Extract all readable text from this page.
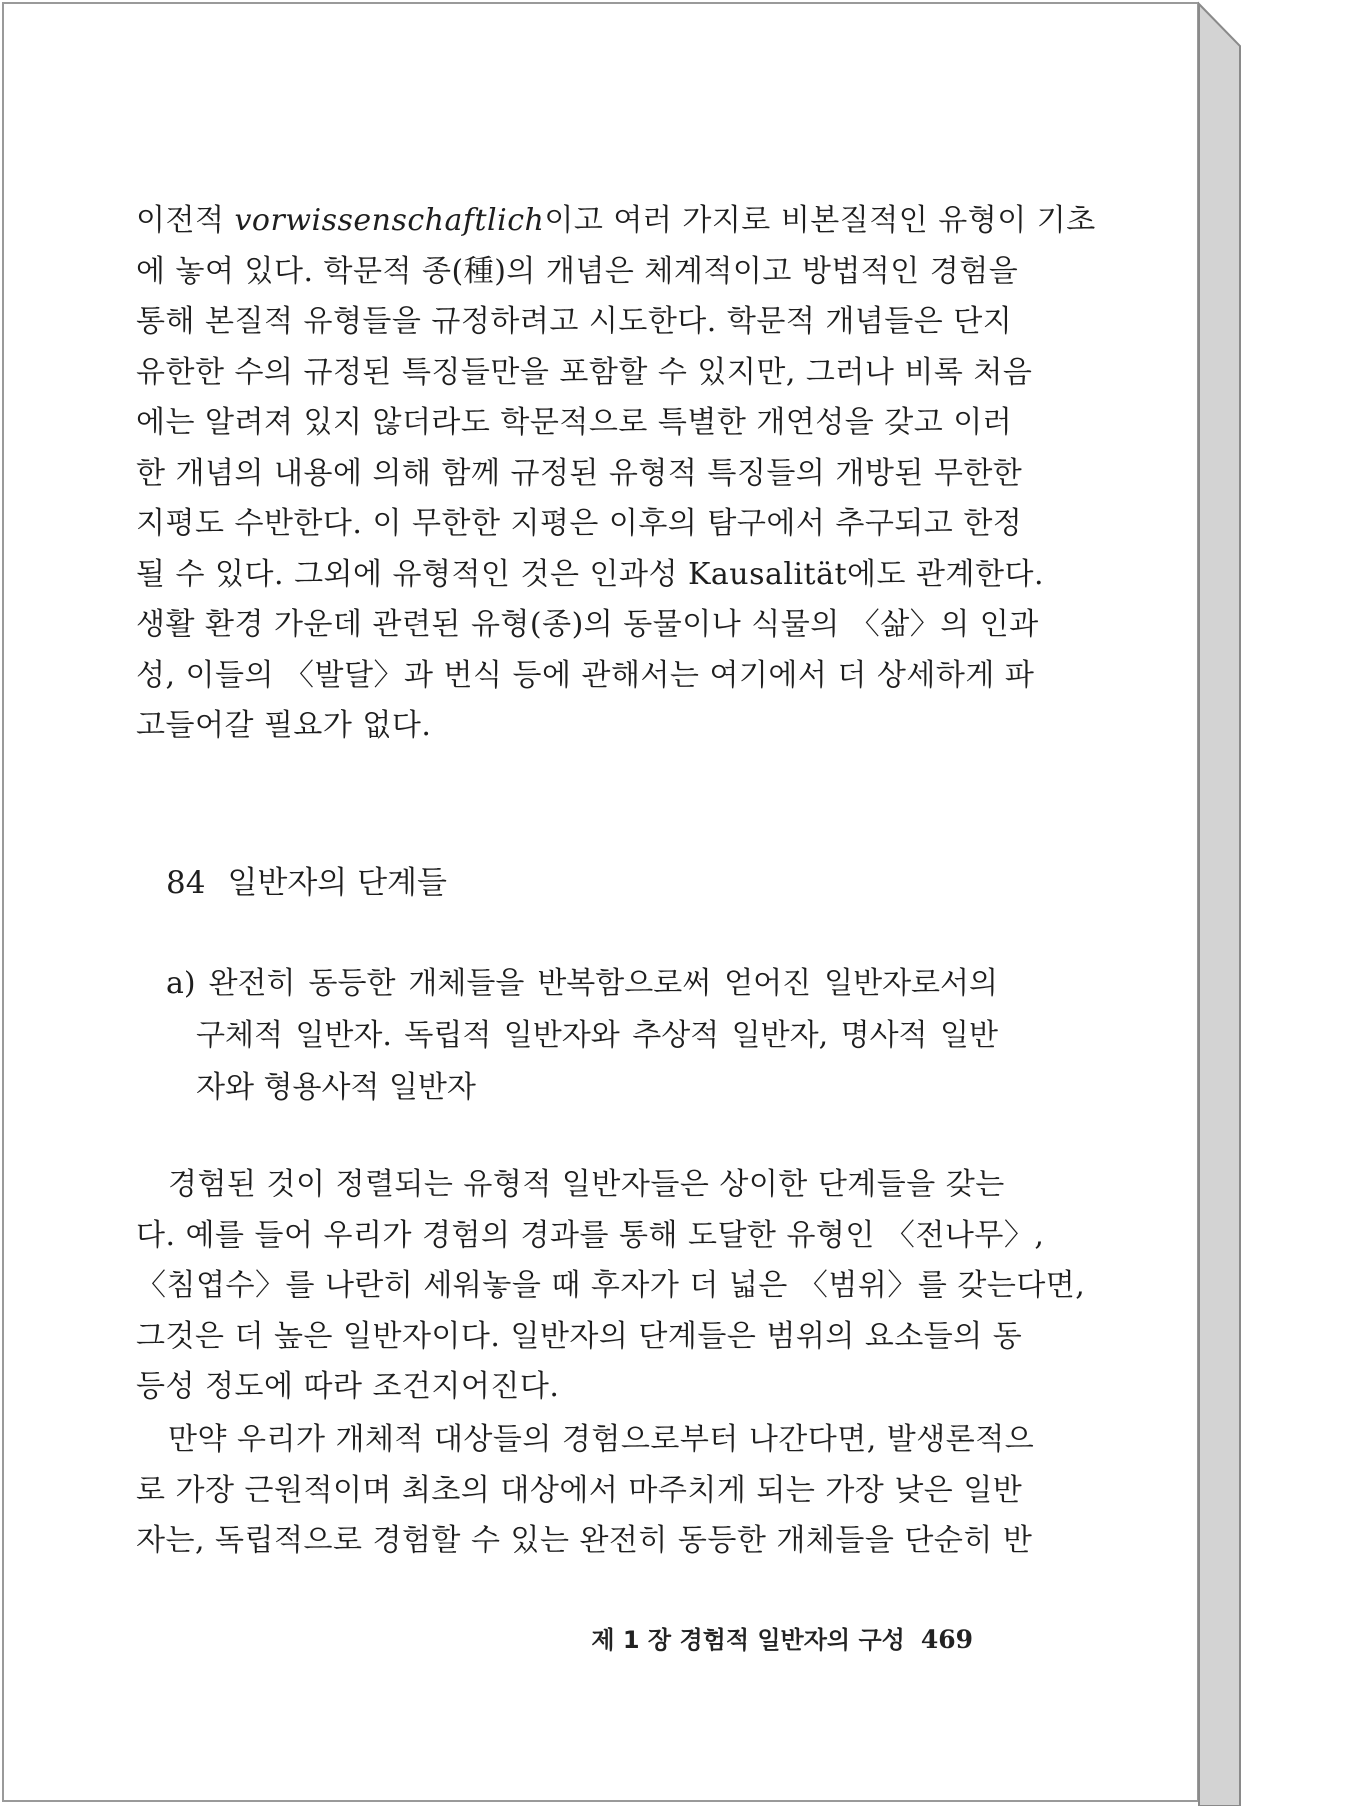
이전적 vorwissenschaftlich이고 여러 가지로 비본질적인 유형이 기초
에 놓여 있다. 학문적 종(種)의 개념은 체계적이고 방법적인 경험을
통해 본질적 유형들을 규정하려고 시도한다. 학문적 개념들은 단지
유한한 수의 규정된 특징들만을 포함할 수 있지만, 그러나 비록 처음
에는 알려져 있지 않더라도 학문적으로 특별한 개연성을 갖고 이러
한 개념의 내용에 의해 함께 규정된 유형적 특징들의 개방된 무한한
지평도 수반한다. 이 무한한 지평은 이후의 탐구에서 추구되고 한정
될 수 있다. 그외에 유형적인 것은 인과성 Kausalität에도 관계한다.
생활 환경 가운데 관련된 유형(종)의 동물이나 식물의 〈삶〉의 인과
성, 이들의 〈발달〉과 번식 등에 관해서는 여기에서 더 상세하게 파
고들어갈 필요가 없다.
84 일반자의 단계들
a) 완전히 동등한 개체들을 반복함으로써 얻어진 일반자로서의
구체적 일반자. 독립적 일반자와 추상적 일반자, 명사적 일반
자와 형용사적 일반자
경험된 것이 정렬되는 유형적 일반자들은 상이한 단계들을 갖는
다. 예를 들어 우리가 경험의 경과를 통해 도달한 유형인 〈전나무〉,
〈침엽수〉를 나란히 세워놓을 때 후자가 더 넓은 〈범위〉를 갖는다면,
그것은 더 높은 일반자이다. 일반자의 단계들은 범위의 요소들의 동
등성 정도에 따라 조건지어진다.
만약 우리가 개체적 대상들의 경험으로부터 나간다면, 발생론적으
로 가장 근원적이며 최초의 대상에서 마주치게 되는 가장 낮은 일반
자는, 독립적으로 경험할 수 있는 완전히 동등한 개체들을 단순히 반
제 1 장 경험적 일반자의 구성 469
